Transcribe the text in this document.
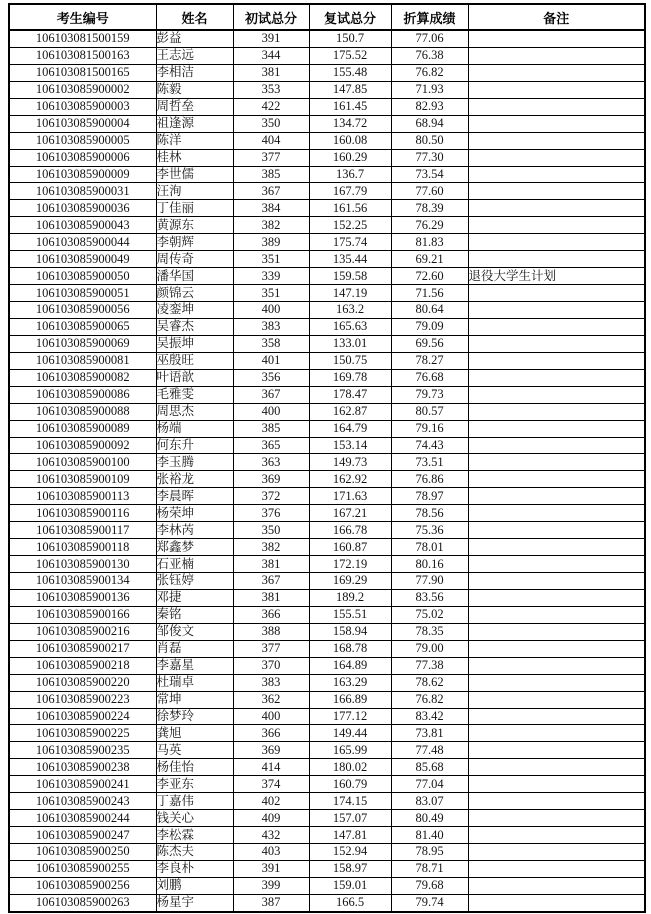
考生编号	姓名	初试总分	复试总分	折算成绩	备注
106103081500159	彭益	391	150.7	77.06	
106103081500163	王志远	344	175.52	76.38	
106103081500165	李相洁	381	155.48	76.82	
106103085900002	陈毅	353	147.85	71.93	
106103085900003	周哲垒	422	161.45	82.93	
106103085900004	祖逢源	350	134.72	68.94	
106103085900005	陈洋	404	160.08	80.50	
106103085900006	桂林	377	160.29	77.30	
106103085900009	李世儒	385	136.7	73.54	
106103085900031	汪洵	367	167.79	77.60	
106103085900036	丁佳丽	384	161.56	78.39	
106103085900043	黄源东	382	152.25	76.29	
106103085900044	李朝辉	389	175.74	81.83	
106103085900049	周传奇	351	135.44	69.21	
106103085900050	潘华国	339	159.58	72.60	退役大学生计划
106103085900051	颜锦云	351	147.19	71.56	
106103085900056	凌銮坤	400	163.2	80.64	
106103085900065	吴睿杰	383	165.63	79.09	
106103085900069	吴振坤	358	133.01	69.56	
106103085900081	巫殷旺	401	150.75	78.27	
106103085900082	叶语歆	356	169.78	76.68	
106103085900086	毛雅雯	367	178.47	79.73	
106103085900088	周思杰	400	162.87	80.57	
106103085900089	杨端	385	164.79	79.16	
106103085900092	何东升	365	153.14	74.43	
106103085900100	李玉腾	363	149.73	73.51	
106103085900109	张裕龙	369	162.92	76.86	
106103085900113	李晨晖	372	171.63	78.97	
106103085900116	杨荣坤	376	167.21	78.56	
106103085900117	李林芮	350	166.78	75.36	
106103085900118	郑鑫梦	382	160.87	78.01	
106103085900130	石亚楠	381	172.19	80.16	
106103085900134	张钰婷	367	169.29	77.90	
106103085900136	邓捷	381	189.2	83.56	
106103085900166	秦铭	366	155.51	75.02	
106103085900216	邹俊文	388	158.94	78.35	
106103085900217	肖磊	377	168.78	79.00	
106103085900218	李嘉星	370	164.89	77.38	
106103085900220	杜瑞卓	383	163.29	78.62	
106103085900223	常坤	362	166.89	76.82	
106103085900224	徐梦玲	400	177.12	83.42	
106103085900225	龚旭	366	149.44	73.81	
106103085900235	马英	369	165.99	77.48	
106103085900238	杨佳怡	414	180.02	85.68	
106103085900241	李亚东	374	160.79	77.04	
106103085900243	丁嘉伟	402	174.15	83.07	
106103085900244	钱关心	409	157.07	80.49	
106103085900247	李松霖	432	147.81	81.40	
106103085900250	陈杰夫	403	152.94	78.95	
106103085900255	李良朴	391	158.97	78.71	
106103085900256	刘鹏	399	159.01	79.68	
106103085900263	杨星宇	387	166.5	79.74	
